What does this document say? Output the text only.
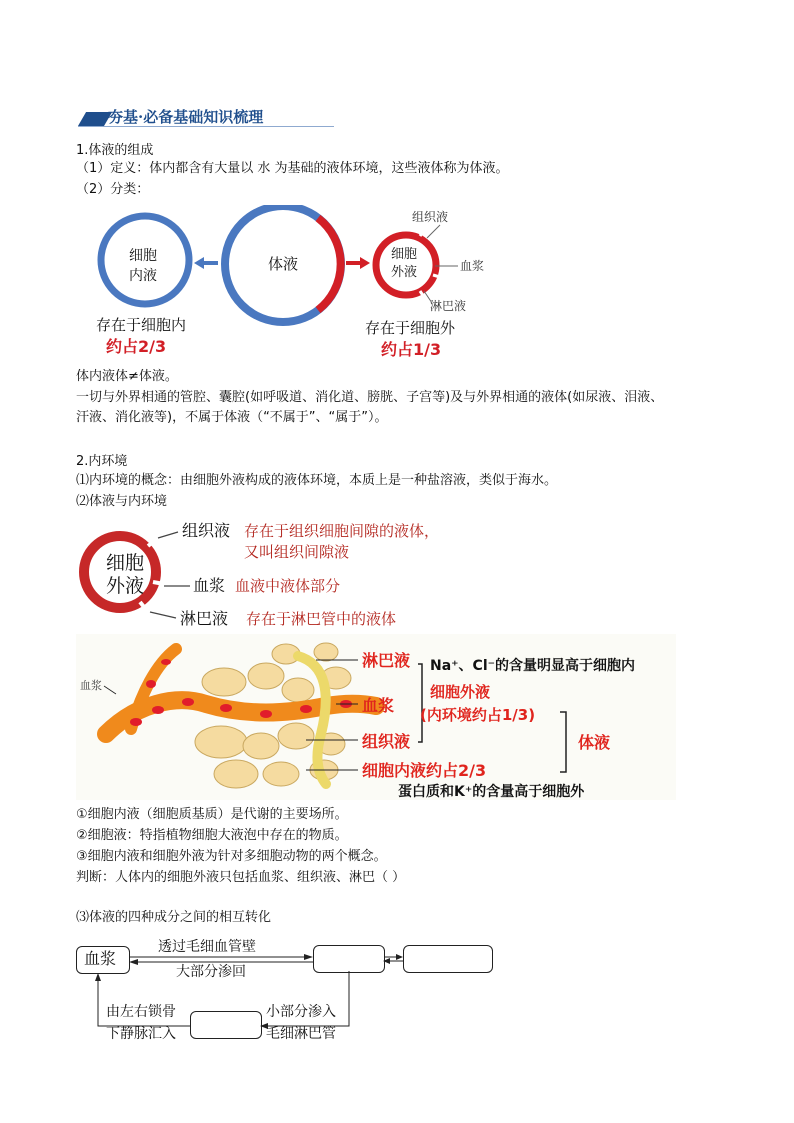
夯基·必备基础知识梳理
1.体液的组成
（1）定义：体内都含有大量以 水 为基础的液体环境，这些液体称为体液。
（2）分类：
细胞
内液
体液
细胞
外液
组织液
血浆
淋巴液
存在于细胞内
约占2/3
存在于细胞外
约占1/3
体内液体≠体液。
一切与外界相通的管腔、囊腔(如呼吸道、消化道、膀胱、子宫等)及与外界相通的液体(如尿液、泪液、
汗液、消化液等)，不属于体液（“不属于”、“属于”）。
2.内环境
⑴内环境的概念：由细胞外液构成的液体环境，本质上是一种盐溶液，类似于海水。
⑵体液与内环境
细胞
外液
组织液 存在于组织细胞间隙的液体，
又叫组织间隙液
血浆 血液中液体部分
淋巴液 存在于淋巴管中的液体
血浆
淋巴液
血浆
组织液
细胞内液约占2/3
Na⁺、Cl⁻的含量明显高于细胞内
细胞外液
(内环境约占1/3)
体液
蛋白质和K⁺的含量高于细胞外
①细胞内液（细胞质基质）是代谢的主要场所。
②细胞液：特指植物细胞大液泡中存在的物质。
③细胞内液和细胞外液为针对多细胞动物的两个概念。
判断：人体内的细胞外液只包括血浆、组织液、淋巴（ ）
⑶体液的四种成分之间的相互转化
血浆
透过毛细血管壁
大部分渗回
由左右锁骨
下静脉汇入
小部分渗入
毛细淋巴管
